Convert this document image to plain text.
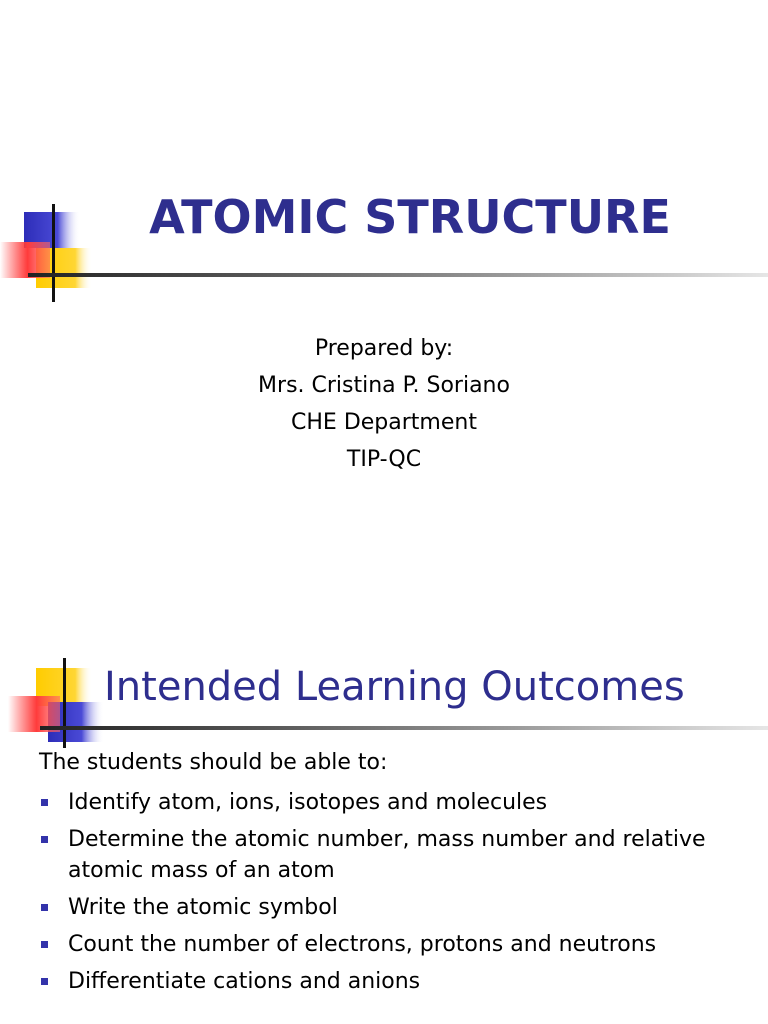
ATOMIC STRUCTURE
Prepared by:
Mrs. Cristina P. Soriano
CHE Department
TIP-QC
Intended Learning Outcomes
The students should be able to:
Identify atom, ions, isotopes and molecules
Determine the atomic number, mass number and relative atomic mass of an atom
Write the atomic symbol
Count the number of electrons, protons and neutrons
Differentiate cations and anions
